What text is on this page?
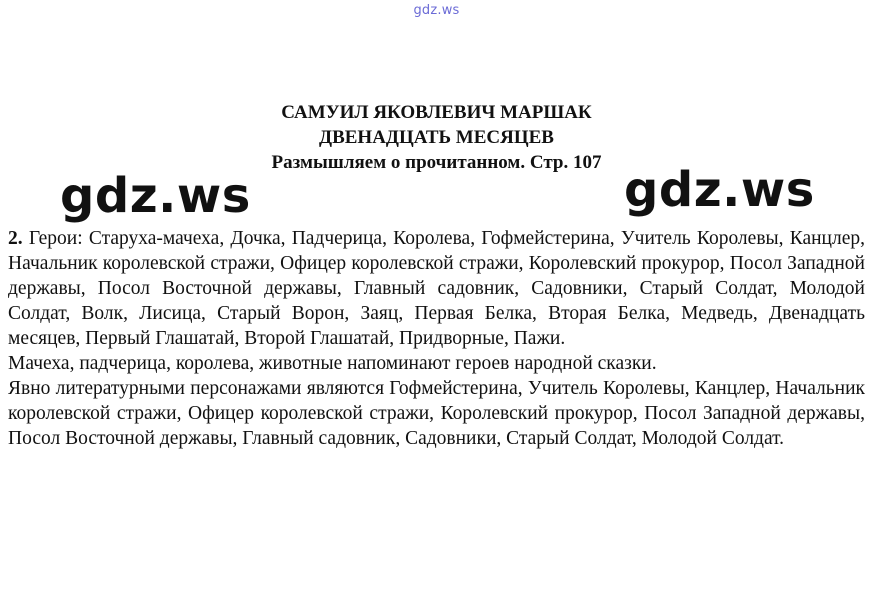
gdz.ws
САМУИЛ ЯКОВЛЕВИЧ МАРШАК
ДВЕНАДЦАТЬ МЕСЯЦЕВ
Размышляем о прочитанном. Стр. 107
gdz.ws	gdz.ws

2. Герои: Старуха-мачеха, Дочка, Падчерица, Королева, Гофмейстерина, Учитель Королевы, Канцлер, Начальник королевской стражи, Офицер королевской стражи, Королевский прокурор, Посол Западной державы, Посол Восточной державы, Главный садовник, Садовники, Старый Солдат, Молодой Солдат, Волк, Лисица, Старый Ворон, Заяц, Первая Белка, Вторая Белка, Медведь, Двенадцать месяцев, Первый Глашатай, Второй Глашатай, Придворные, Пажи.

Мачеха, падчерица, королева, животные напоминают героев народной сказки.

Явно литературными персонажами являются Гофмейстерина, Учитель Королевы, Канцлер, Начальник королевской стражи, Офицер королевской стражи, Королевский прокурор, Посол Западной державы, Посол Восточной державы, Главный садовник, Садовники, Старый Солдат, Молодой Солдат.
